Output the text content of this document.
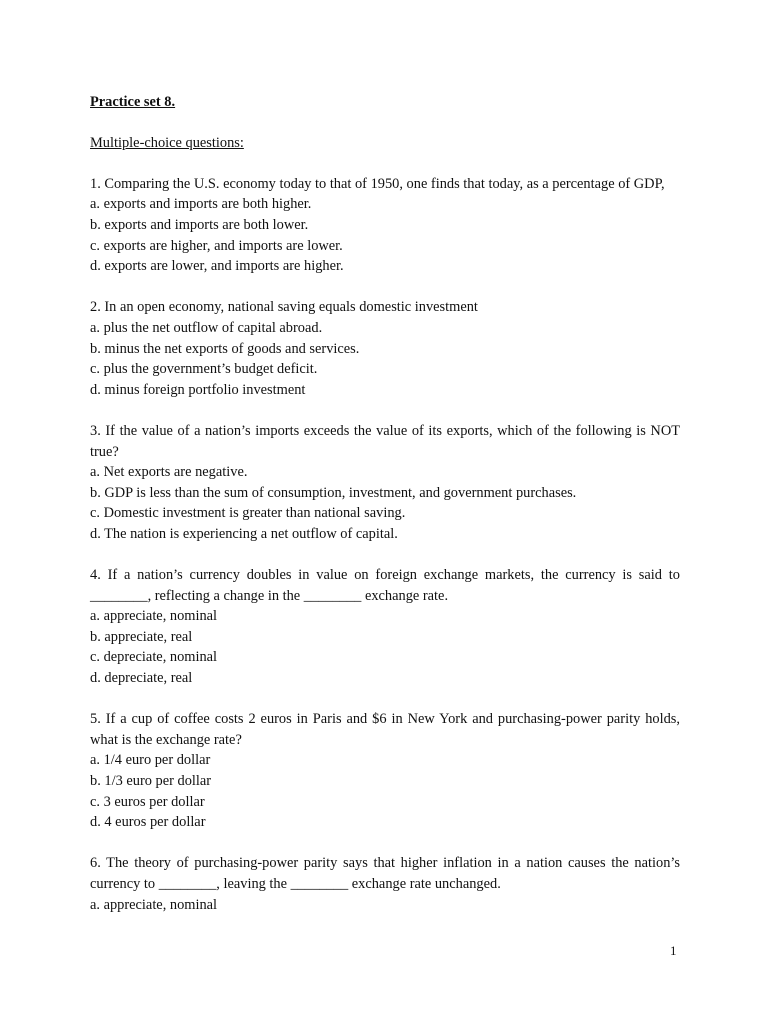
Practice set 8.

Multiple-choice questions:

1. Comparing the U.S. economy today to that of 1950, one finds that today, as a percentage of GDP,

a. exports and imports are both higher.
b. exports and imports are both lower.
c. exports are higher, and imports are lower.
d. exports are lower, and imports are higher.

2. In an open economy, national saving equals domestic investment

a. plus the net outflow of capital abroad.
b. minus the net exports of goods and services.
c. plus the government’s budget deficit.
d. minus foreign portfolio investment

3. If the value of a nation’s imports exceeds the value of its exports, which of the following is NOT true?

a. Net exports are negative.
b. GDP is less than the sum of consumption, investment, and government purchases.
c. Domestic investment is greater than national saving.
d. The nation is experiencing a net outflow of capital.

4. If a nation’s currency doubles in value on foreign exchange markets, the currency is said to ________, reflecting a change in the ________ exchange rate.

a. appreciate, nominal
b. appreciate, real
c. depreciate, nominal
d. depreciate, real

5. If a cup of coffee costs 2 euros in Paris and $6 in New York and purchasing-power parity holds, what is the exchange rate?

a. 1/4 euro per dollar
b. 1/3 euro per dollar
c. 3 euros per dollar
d. 4 euros per dollar

6. The theory of purchasing-power parity says that higher inflation in a nation causes the nation’s currency to ________, leaving the ________ exchange rate unchanged.

a. appreciate, nominal
1
